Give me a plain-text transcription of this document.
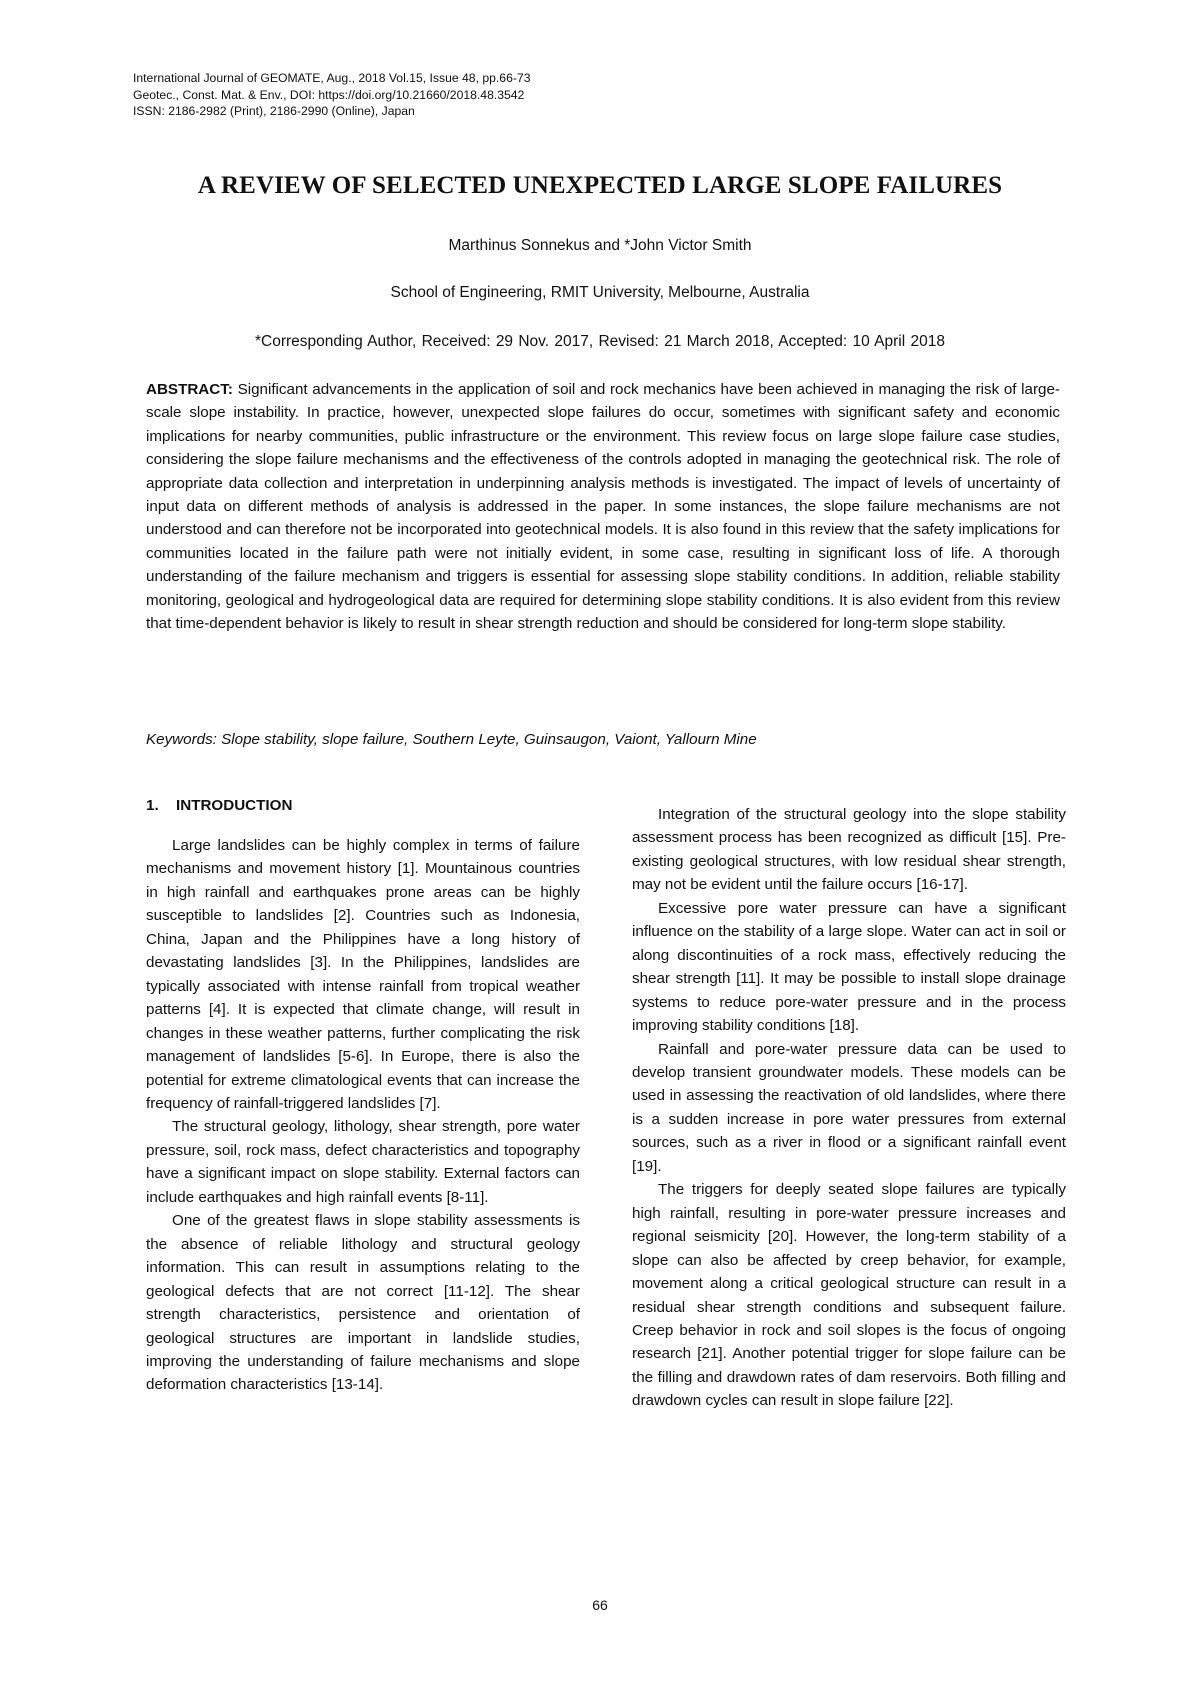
International Journal of GEOMATE, Aug., 2018 Vol.15, Issue 48, pp.66-73
Geotec., Const. Mat. & Env., DOI: https://doi.org/10.21660/2018.48.3542
ISSN: 2186-2982 (Print), 2186-2990 (Online), Japan
A REVIEW OF SELECTED UNEXPECTED LARGE SLOPE FAILURES
Marthinus Sonnekus and *John Victor Smith
School of Engineering, RMIT University, Melbourne, Australia
*Corresponding Author, Received: 29 Nov. 2017, Revised: 21 March 2018, Accepted: 10 April 2018
ABSTRACT: Significant advancements in the application of soil and rock mechanics have been achieved in managing the risk of large-scale slope instability. In practice, however, unexpected slope failures do occur, sometimes with significant safety and economic implications for nearby communities, public infrastructure or the environment. This review focus on large slope failure case studies, considering the slope failure mechanisms and the effectiveness of the controls adopted in managing the geotechnical risk. The role of appropriate data collection and interpretation in underpinning analysis methods is investigated. The impact of levels of uncertainty of input data on different methods of analysis is addressed in the paper. In some instances, the slope failure mechanisms are not understood and can therefore not be incorporated into geotechnical models. It is also found in this review that the safety implications for communities located in the failure path were not initially evident, in some case, resulting in significant loss of life. A thorough understanding of the failure mechanism and triggers is essential for assessing slope stability conditions. In addition, reliable stability monitoring, geological and hydrogeological data are required for determining slope stability conditions. It is also evident from this review that time-dependent behavior is likely to result in shear strength reduction and should be considered for long-term slope stability.
Keywords: Slope stability, slope failure, Southern Leyte, Guinsaugon, Vaiont, Yallourn Mine
1. INTRODUCTION

Large landslides can be highly complex in terms of failure mechanisms and movement history [1]. Mountainous countries in high rainfall and earthquakes prone areas can be highly susceptible to landslides [2]. Countries such as Indonesia, China, Japan and the Philippines have a long history of devastating landslides [3]. In the Philippines, landslides are typically associated with intense rainfall from tropical weather patterns [4]. It is expected that climate change, will result in changes in these weather patterns, further complicating the risk management of landslides [5-6]. In Europe, there is also the potential for extreme climatological events that can increase the frequency of rainfall-triggered landslides [7].

The structural geology, lithology, shear strength, pore water pressure, soil, rock mass, defect characteristics and topography have a significant impact on slope stability. External factors can include earthquakes and high rainfall events [8-11].

One of the greatest flaws in slope stability assessments is the absence of reliable lithology and structural geology information. This can result in assumptions relating to the geological defects that are not correct [11-12]. The shear strength characteristics, persistence and orientation of geological structures are important in landslide studies, improving the understanding of failure mechanisms and slope deformation characteristics [13-14].

Integration of the structural geology into the slope stability assessment process has been recognized as difficult [15]. Pre-existing geological structures, with low residual shear strength, may not be evident until the failure occurs [16-17].

Excessive pore water pressure can have a significant influence on the stability of a large slope. Water can act in soil or along discontinuities of a rock mass, effectively reducing the shear strength [11]. It may be possible to install slope drainage systems to reduce pore-water pressure and in the process improving stability conditions [18].

Rainfall and pore-water pressure data can be used to develop transient groundwater models. These models can be used in assessing the reactivation of old landslides, where there is a sudden increase in pore water pressures from external sources, such as a river in flood or a significant rainfall event [19].

The triggers for deeply seated slope failures are typically high rainfall, resulting in pore-water pressure increases and regional seismicity [20]. However, the long-term stability of a slope can also be affected by creep behavior, for example, movement along a critical geological structure can result in a residual shear strength conditions and subsequent failure. Creep behavior in rock and soil slopes is the focus of ongoing research [21]. Another potential trigger for slope failure can be the filling and drawdown rates of dam reservoirs. Both filling and drawdown cycles can result in slope failure [22].

66
